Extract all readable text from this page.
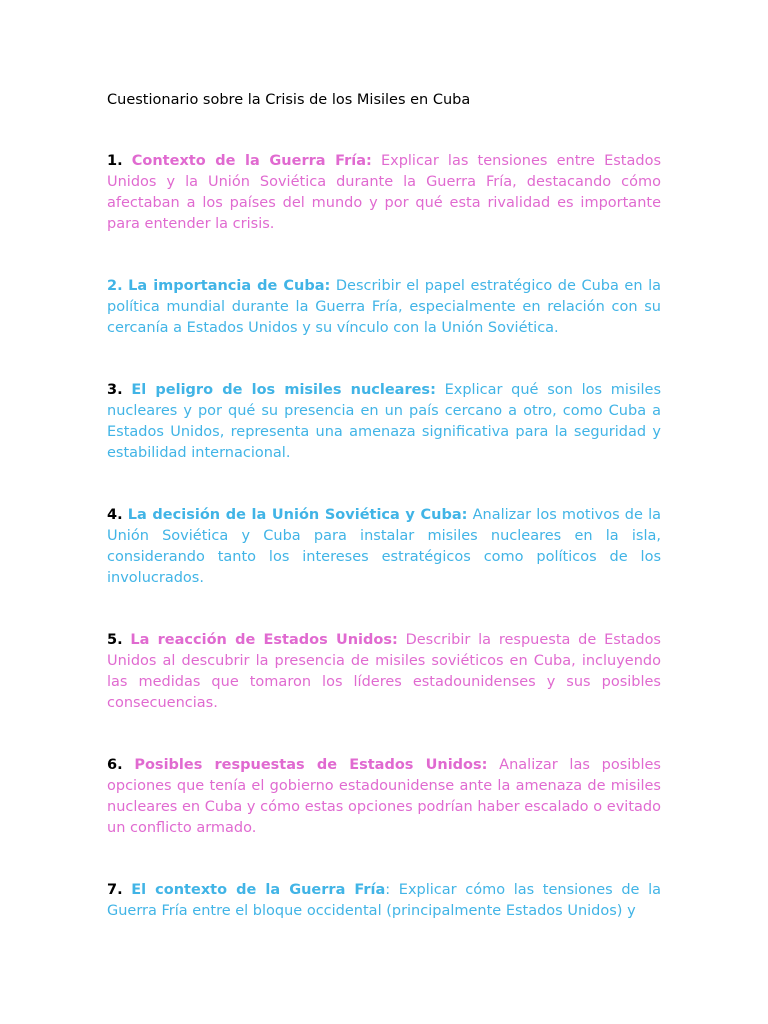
Cuestionario sobre la Crisis de los Misiles en Cuba

1. Contexto de la Guerra Fría: Explicar las tensiones entre Estados Unidos y la Unión Soviética durante la Guerra Fría, destacando cómo afectaban a los países del mundo y por qué esta rivalidad es importante para entender la crisis.

2. La importancia de Cuba: Describir el papel estratégico de Cuba en la política mundial durante la Guerra Fría, especialmente en relación con su cercanía a Estados Unidos y su vínculo con la Unión Soviética.

3. El peligro de los misiles nucleares: Explicar qué son los misiles nucleares y por qué su presencia en un país cercano a otro, como Cuba a Estados Unidos, representa una amenaza significativa para la seguridad y estabilidad internacional.

4. La decisión de la Unión Soviética y Cuba: Analizar los motivos de la Unión Soviética y Cuba para instalar misiles nucleares en la isla, considerando tanto los intereses estratégicos como políticos de los involucrados.

5. La reacción de Estados Unidos: Describir la respuesta de Estados Unidos al descubrir la presencia de misiles soviéticos en Cuba, incluyendo las medidas que tomaron los líderes estadounidenses y sus posibles consecuencias.

6. Posibles respuestas de Estados Unidos: Analizar las posibles opciones que tenía el gobierno estadounidense ante la amenaza de misiles nucleares en Cuba y cómo estas opciones podrían haber escalado o evitado un conflicto armado.

7. El contexto de la Guerra Fría: Explicar cómo las tensiones de la Guerra Fría entre el bloque occidental (principalmente Estados Unidos) y
